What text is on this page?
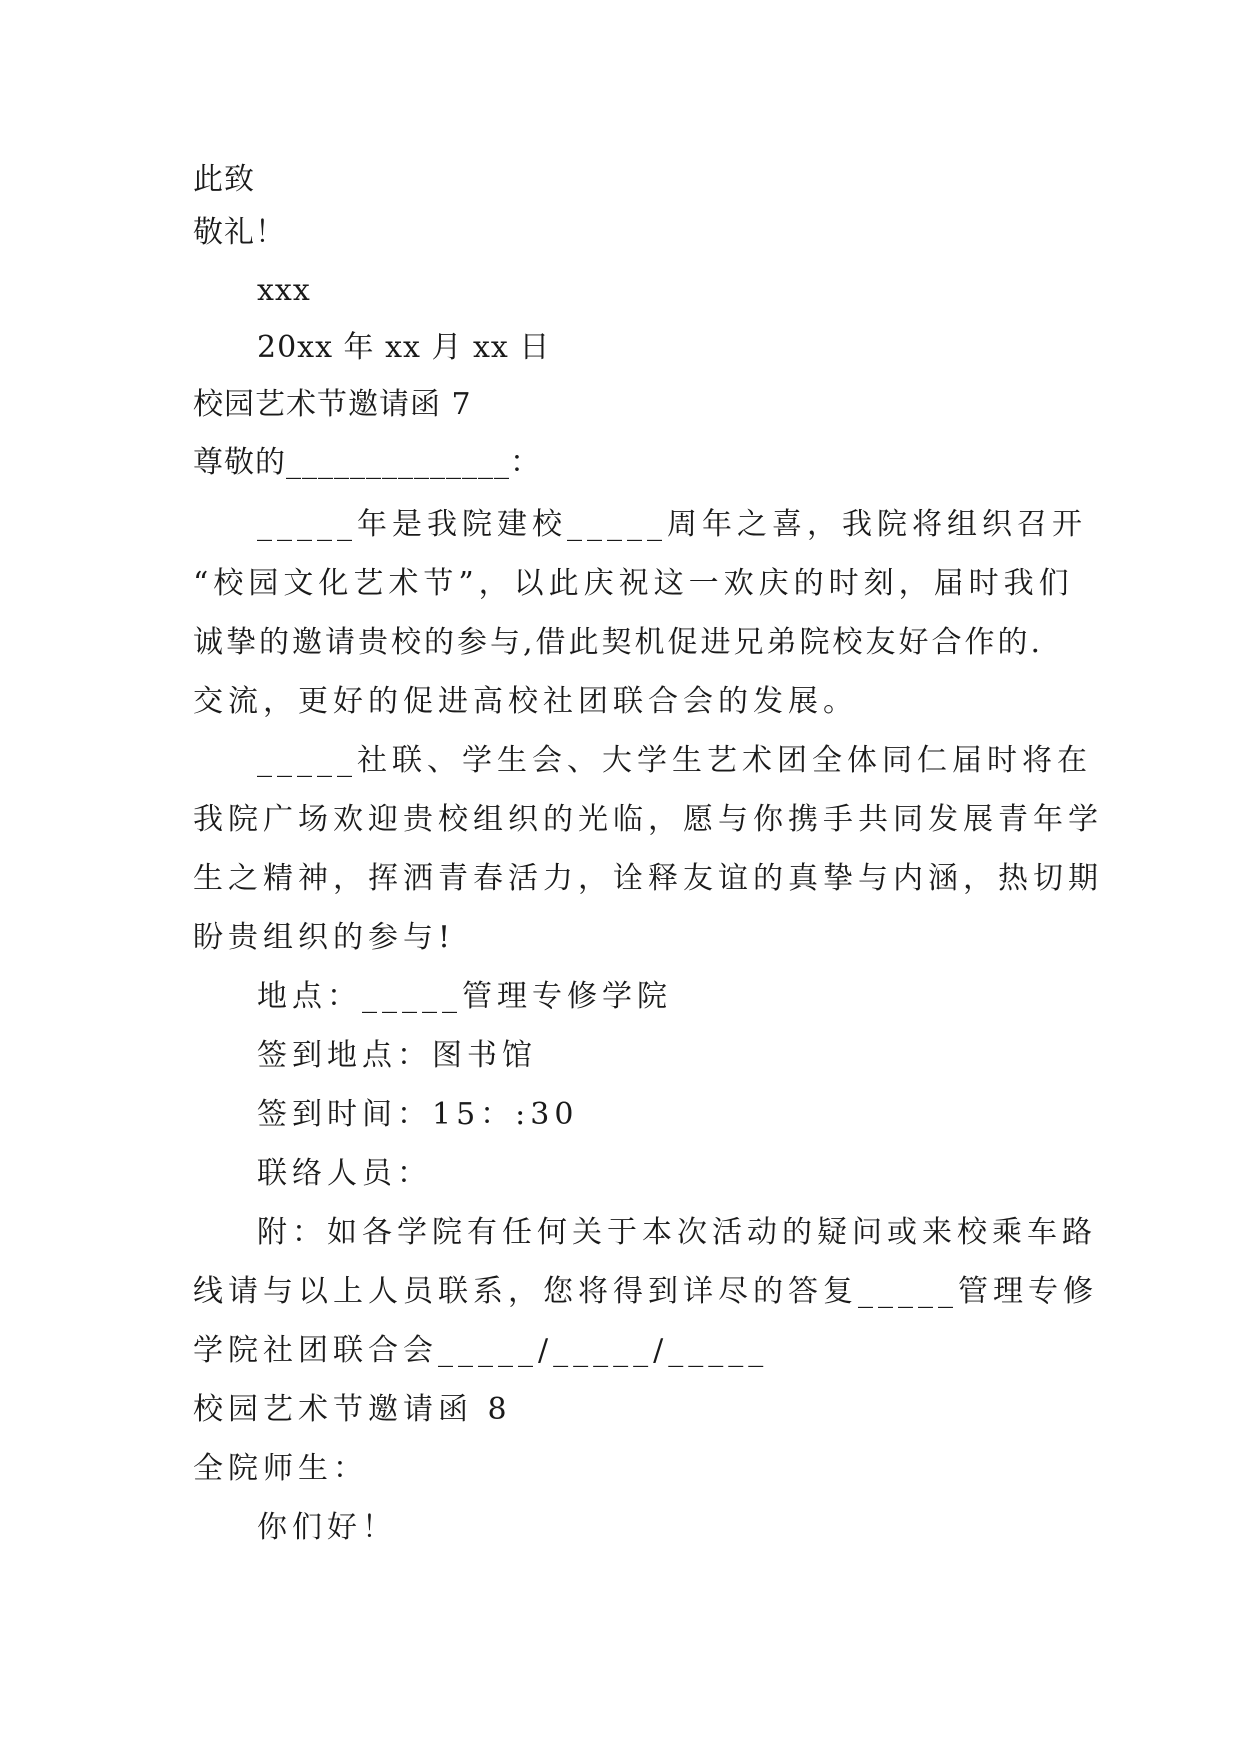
此致

敬礼！

xxx

20xx 年 xx 月 xx 日

校园艺术节邀请函 7

尊敬的______________：

_____年是我院建校_____周年之喜，我院将组织召开
“校园文化艺术节”，以此庆祝这一欢庆的时刻，届时我们
诚挚的邀请贵校的参与,借此契机促进兄弟院校友好合作的.
交流，更好的促进高校社团联合会的发展。
_____社联、学生会、大学生艺术团全体同仁届时将在
我院广场欢迎贵校组织的光临，愿与你携手共同发展青年学
生之精神，挥洒青春活力，诠释友谊的真挚与内涵，热切期
盼贵组织的参与!
地点：_____管理专修学院
签到地点：图书馆
签到时间：15：:30
联络人员：
附：如各学院有任何关于本次活动的疑问或来校乘车路
线请与以上人员联系，您将得到详尽的答复_____管理专修
学院社团联合会_____/_____/_____
校园艺术节邀请函 8
全院师生：
你们好！
